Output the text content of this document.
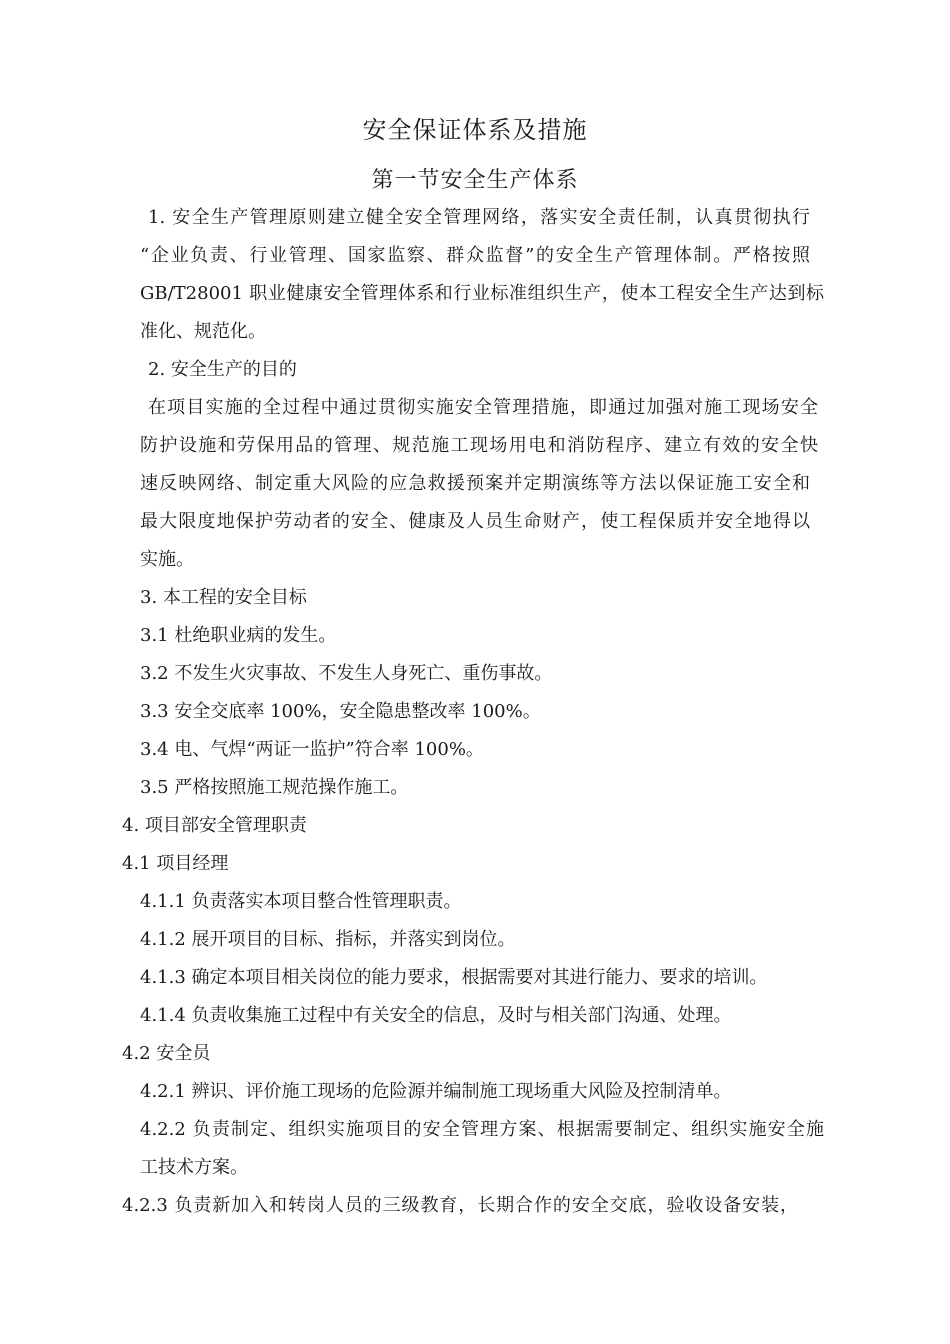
安全保证体系及措施
第一节安全生产体系
1. 安全生产管理原则建立健全安全管理网络，落实安全责任制，认真贯彻执行
“企业负责、行业管理、国家监察、群众监督”的安全生产管理体制。严格按照
GB/T28001 职业健康安全管理体系和行业标准组织生产，使本工程安全生产达到标
准化、规范化。
2. 安全生产的目的
在项目实施的全过程中通过贯彻实施安全管理措施，即通过加强对施工现场安全
防护设施和劳保用品的管理、规范施工现场用电和消防程序、建立有效的安全快
速反映网络、制定重大风险的应急救援预案并定期演练等方法以保证施工安全和
最大限度地保护劳动者的安全、健康及人员生命财产，使工程保质并安全地得以
实施。
3. 本工程的安全目标
3.1 杜绝职业病的发生。
3.2 不发生火灾事故、不发生人身死亡、重伤事故。
3.3 安全交底率 100%，安全隐患整改率 100%。
3.4 电、气焊“两证一监护”符合率 100%。
3.5 严格按照施工规范操作施工。
4. 项目部安全管理职责
4.1 项目经理
4.1.1 负责落实本项目整合性管理职责。
4.1.2 展开项目的目标、指标，并落实到岗位。
4.1.3 确定本项目相关岗位的能力要求，根据需要对其进行能力、要求的培训。
4.1.4 负责收集施工过程中有关安全的信息，及时与相关部门沟通、处理。
4.2 安全员
4.2.1 辨识、评价施工现场的危险源并编制施工现场重大风险及控制清单。
4.2.2 负责制定、组织实施项目的安全管理方案、根据需要制定、组织实施安全施
工技术方案。
4.2.3 负责新加入和转岗人员的三级教育，长期合作的安全交底，验收设备安装，
